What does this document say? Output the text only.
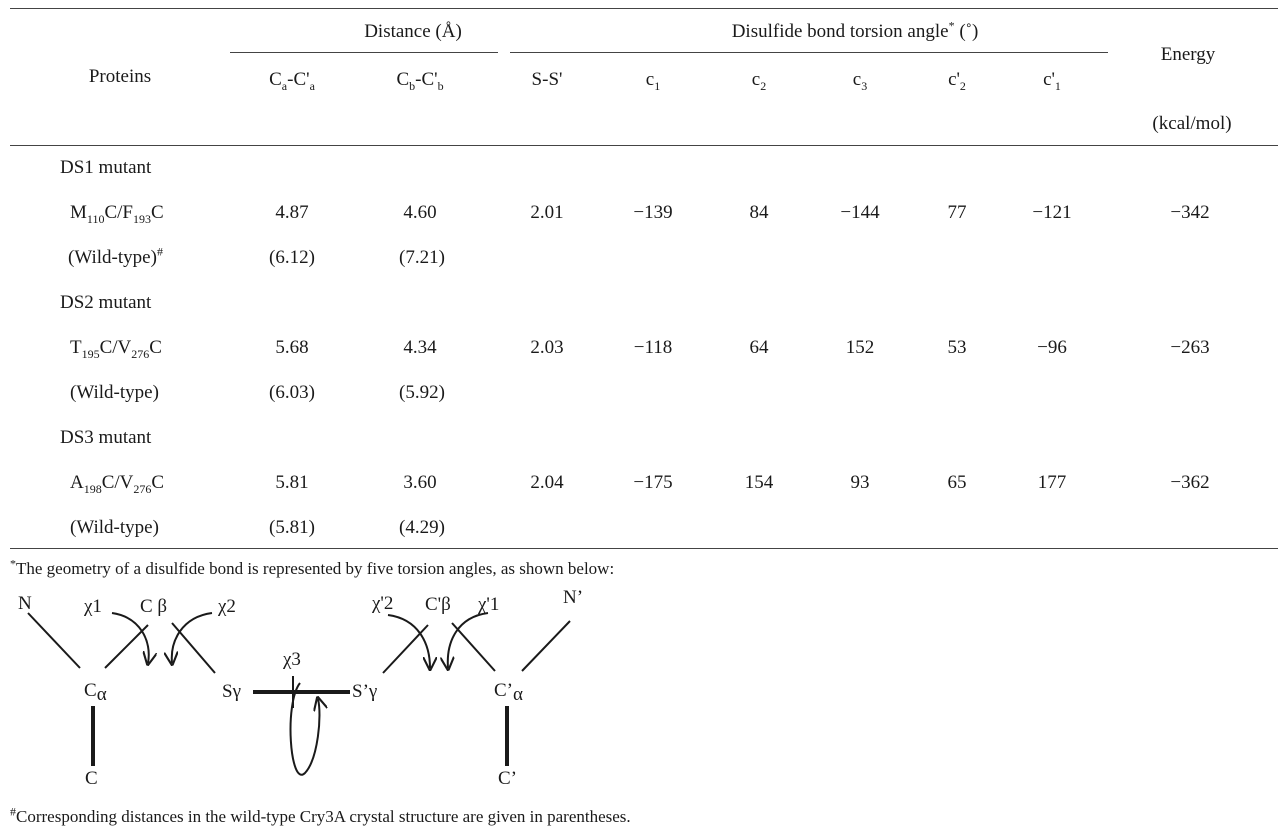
Distance (Å)	Disulfide bond torsion angle* (˚)
Energy
Proteins	$C_a-C'_a$	$C_b-C'_b$	S-S'	$c_1$	$c_2$	$c_3$	$c'_2$	$c'_1$
(kcal/mol)
DS1 mutant
$M_{110}C/F_{193}C$	4.87	4.60	2.01	−139	84	−144	77	−121	−342
(Wild-type)#	(6.12)	(7.21)
DS2 mutant
$T_{195}C/V_{276}C$	5.68	4.34	2.03	−118	64	152	53	−96	−263
(Wild-type)	(6.03)	(5.92)
DS3 mutant
$A_{198}C/V_{276}C$	5.81	3.60	2.04	−175	154	93	65	177	−362
(Wild-type)	(5.81)	(4.29)
*The geometry of a disulfide bond is represented by five torsion angles, as shown below:
N	χ1 C β	χ2
χ3
χ'2 C'β χ'1	N’
Cα	Sγ	S’γ	C’α
C	C’
#Corresponding distances in the wild-type Cry3A crystal structure are given in parentheses.
